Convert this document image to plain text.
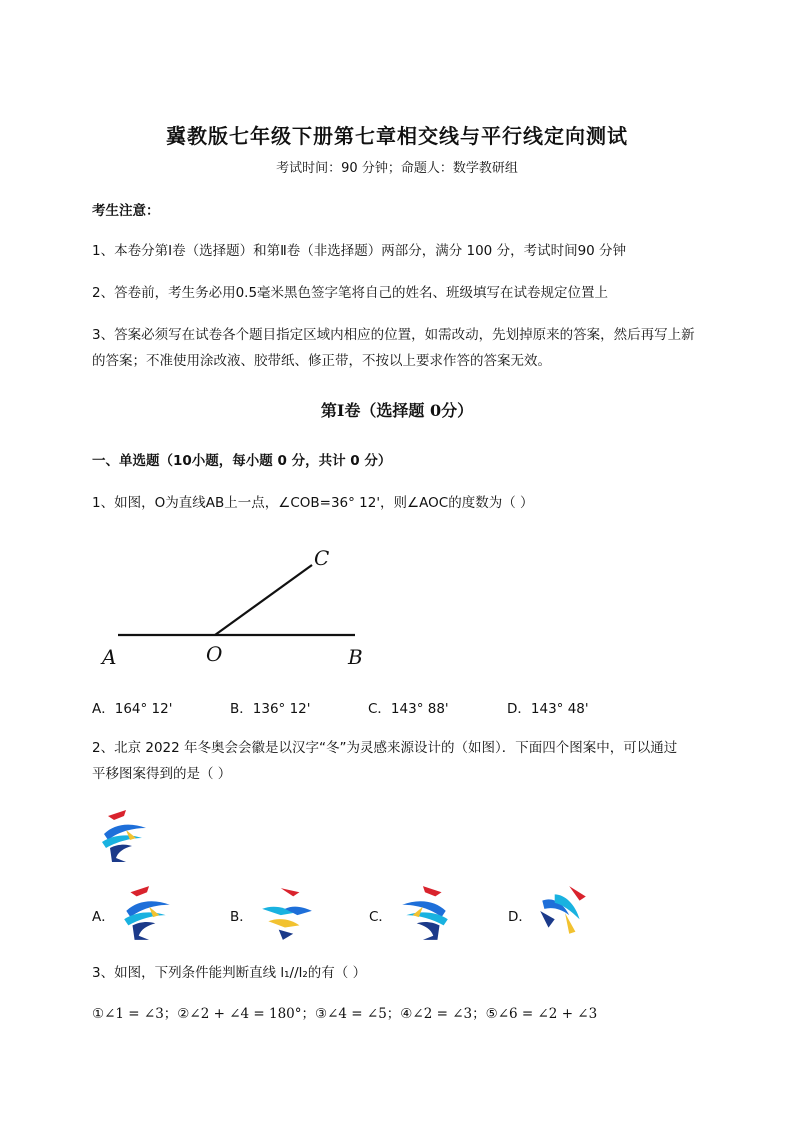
冀教版七年级下册第七章相交线与平行线定向测试
考试时间：90 分钟；命题人：数学教研组

考生注意：

1、本卷分第Ⅰ卷（选择题）和第Ⅱ卷（非选择题）两部分，满分 100 分，考试时间90 分钟

2、答卷前，考生务必用0.5毫米黑色签字笔将自己的姓名、班级填写在试卷规定位置上

3、答案必须写在试卷各个题目指定区域内相应的位置，如需改动，先划掉原来的答案，然后再写上新

的答案；不准使用涂改液、胶带纸、修正带，不按以上要求作答的答案无效。

第Ⅰ卷（选择题 0分）

一、单选题（10小题，每小题 0 分，共计 0 分）

1、如图，O为直线AB上一点，∠COB=36° 12'，则∠AOC的度数为（ ）

A	O	B
C
A．164° 12'	B．136° 12'	C．143° 88'	D．143° 48'

2、北京 2022 年冬奥会会徽是以汉字“冬”为灵感来源设计的（如图）．下面四个图案中，可以通过

平移图案得到的是（ ）

A．	B．	C．	D．

3、如图，下列条件能判断直线 l₁//l₂的有（ ）

①∠1 = ∠3；②∠2 + ∠4 = 180°；③∠4 = ∠5；④∠2 = ∠3；⑤∠6 = ∠2 + ∠3
